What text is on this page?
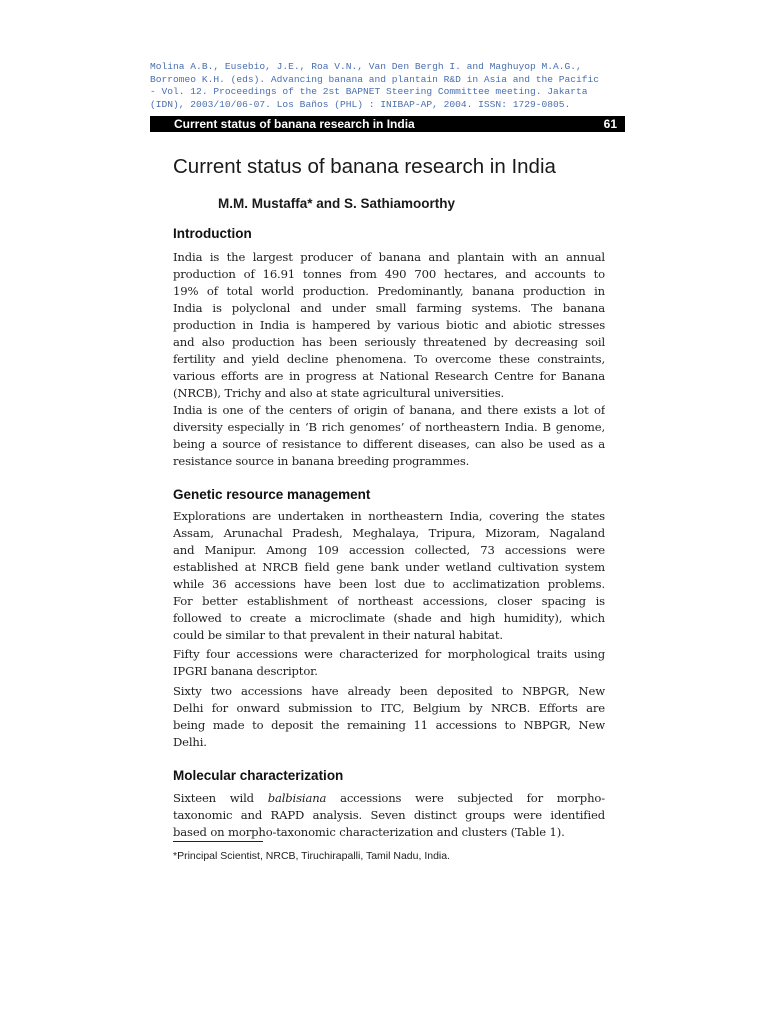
Molina A.B., Eusebio, J.E., Roa V.N., Van Den Bergh I. and Maghuyop M.A.G.,
Borromeo K.H. (eds). Advancing banana and plantain R&D in Asia and the Pacific
- Vol. 12. Proceedings of the 2st BAPNET Steering Committee meeting. Jakarta
(IDN), 2003/10/06-07. Los Baños (PHL) : INIBAP-AP, 2004. ISSN: 1729-0805.
Current status of banana research in India	61
Current status of banana research in India
M.M. Mustaffa* and S. Sathiamoorthy
Introduction
India is the largest producer of banana and plantain with an annual
production of 16.91 tonnes from 490 700 hectares, and accounts to
19% of total world production. Predominantly, banana production in
India is polyclonal and under small farming systems. The banana
production in India is hampered by various biotic and abiotic stresses
and also production has been seriously threatened by decreasing soil
fertility and yield decline phenomena. To overcome these constraints,
various efforts are in progress at National Research Centre for Banana
(NRCB), Trichy and also at state agricultural universities.
India is one of the centers of origin of banana, and there exists a lot of
diversity especially in ‘B rich genomes’ of northeastern India. B genome,
being a source of resistance to different diseases, can also be used as a
resistance source in banana breeding programmes.
Genetic resource management
Explorations are undertaken in northeastern India, covering the states
Assam, Arunachal Pradesh, Meghalaya, Tripura, Mizoram, Nagaland
and Manipur. Among 109 accession collected, 73 accessions were
established at NRCB field gene bank under wetland cultivation system
while 36 accessions have been lost due to acclimatization problems.
For better establishment of northeast accessions, closer spacing is
followed to create a microclimate (shade and high humidity), which
could be similar to that prevalent in their natural habitat.
Fifty four accessions were characterized for morphological traits using
IPGRI banana descriptor.
Sixty two accessions have already been deposited to NBPGR, New
Delhi for onward submission to ITC, Belgium by NRCB. Efforts are
being made to deposit the remaining 11 accessions to NBPGR, New
Delhi.
Molecular characterization
Sixteen wild balbisiana accessions were subjected for morpho-
taxonomic and RAPD analysis. Seven distinct groups were identified
based on morpho-taxonomic characterization and clusters (Table 1).
*Principal Scientist, NRCB, Tiruchirapalli, Tamil Nadu, India.
